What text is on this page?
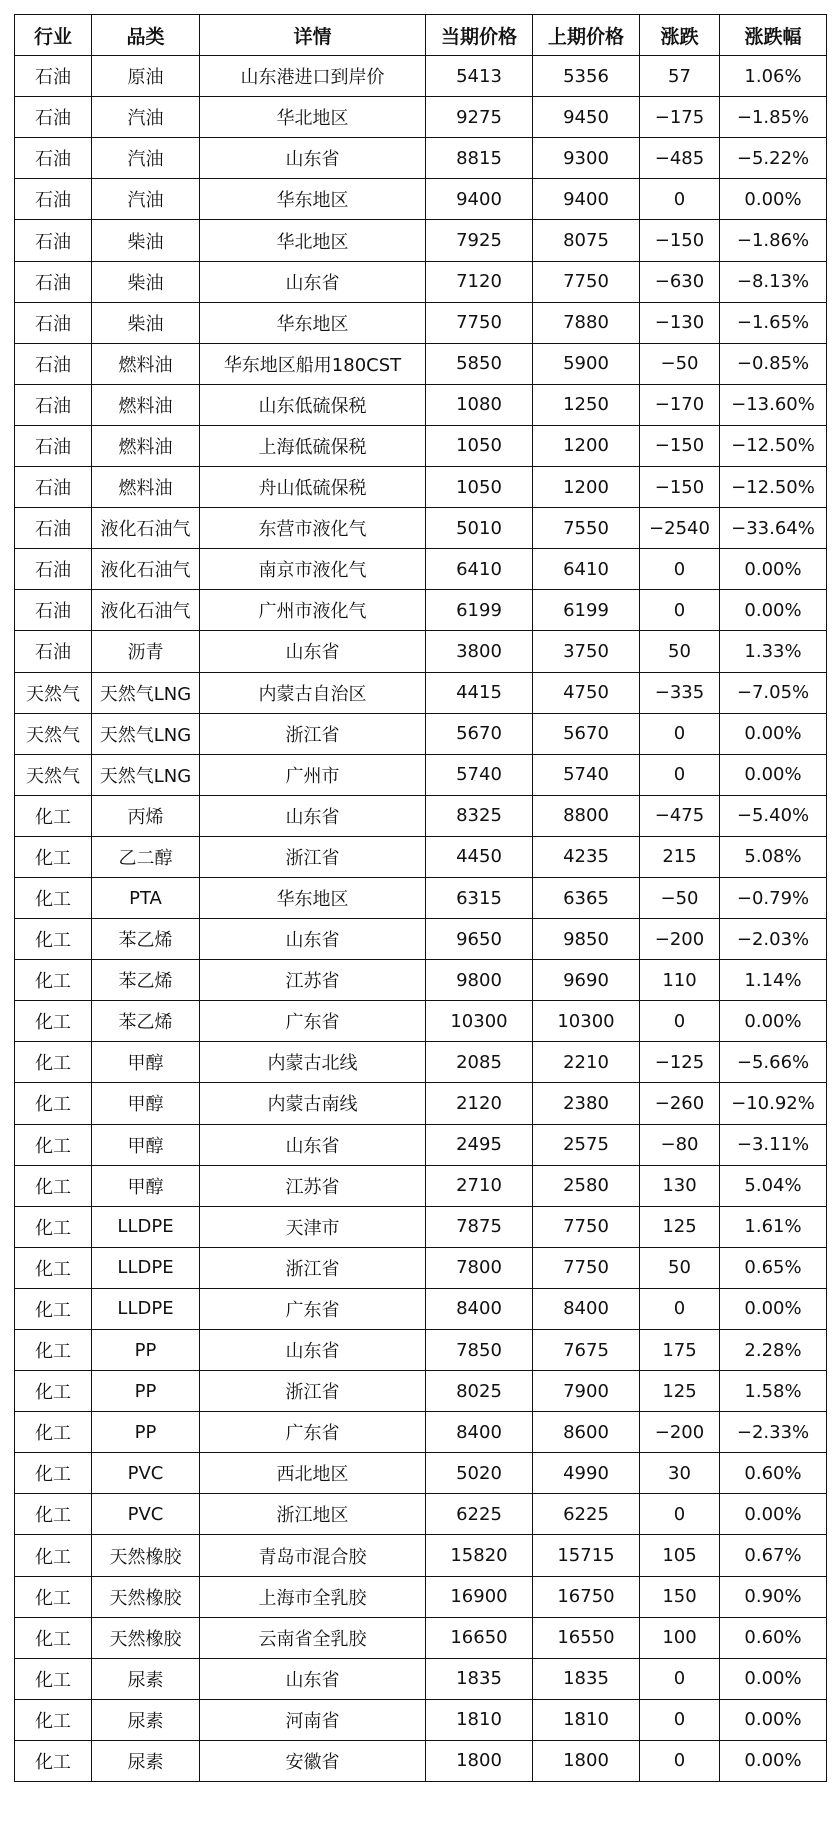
行业	品类	详情	当期价格	上期价格	涨跌	涨跌幅
石油	原油	山东港进口到岸价	5413	5356	57	1.06%
石油	汽油	华北地区	9275	9450	−175	−1.85%
石油	汽油	山东省	8815	9300	−485	−5.22%
石油	汽油	华东地区	9400	9400	0	0.00%
石油	柴油	华北地区	7925	8075	−150	−1.86%
石油	柴油	山东省	7120	7750	−630	−8.13%
石油	柴油	华东地区	7750	7880	−130	−1.65%
石油	燃料油	华东地区船用180CST	5850	5900	−50	−0.85%
石油	燃料油	山东低硫保税	1080	1250	−170	−13.60%
石油	燃料油	上海低硫保税	1050	1200	−150	−12.50%
石油	燃料油	舟山低硫保税	1050	1200	−150	−12.50%
石油	液化石油气	东营市液化气	5010	7550	−2540	−33.64%
石油	液化石油气	南京市液化气	6410	6410	0	0.00%
石油	液化石油气	广州市液化气	6199	6199	0	0.00%
石油	沥青	山东省	3800	3750	50	1.33%
天然气	天然气LNG	内蒙古自治区	4415	4750	−335	−7.05%
天然气	天然气LNG	浙江省	5670	5670	0	0.00%
天然气	天然气LNG	广州市	5740	5740	0	0.00%
化工	丙烯	山东省	8325	8800	−475	−5.40%
化工	乙二醇	浙江省	4450	4235	215	5.08%
化工	PTA	华东地区	6315	6365	−50	−0.79%
化工	苯乙烯	山东省	9650	9850	−200	−2.03%
化工	苯乙烯	江苏省	9800	9690	110	1.14%
化工	苯乙烯	广东省	10300	10300	0	0.00%
化工	甲醇	内蒙古北线	2085	2210	−125	−5.66%
化工	甲醇	内蒙古南线	2120	2380	−260	−10.92%
化工	甲醇	山东省	2495	2575	−80	−3.11%
化工	甲醇	江苏省	2710	2580	130	5.04%
化工	LLDPE	天津市	7875	7750	125	1.61%
化工	LLDPE	浙江省	7800	7750	50	0.65%
化工	LLDPE	广东省	8400	8400	0	0.00%
化工	PP	山东省	7850	7675	175	2.28%
化工	PP	浙江省	8025	7900	125	1.58%
化工	PP	广东省	8400	8600	−200	−2.33%
化工	PVC	西北地区	5020	4990	30	0.60%
化工	PVC	浙江地区	6225	6225	0	0.00%
化工	天然橡胶	青岛市混合胶	15820	15715	105	0.67%
化工	天然橡胶	上海市全乳胶	16900	16750	150	0.90%
化工	天然橡胶	云南省全乳胶	16650	16550	100	0.60%
化工	尿素	山东省	1835	1835	0	0.00%
化工	尿素	河南省	1810	1810	0	0.00%
化工	尿素	安徽省	1800	1800	0	0.00%
